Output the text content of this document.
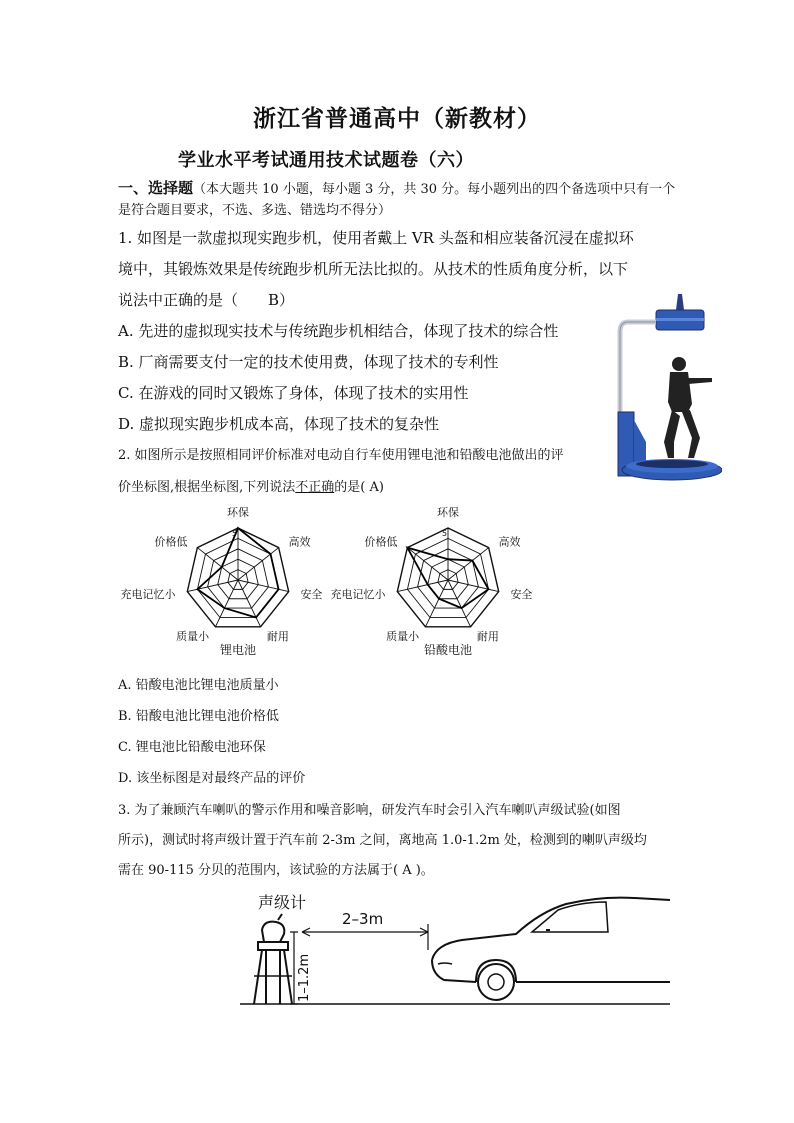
浙江省普通高中（新教材）
学业水平考试通用技术试题卷（六）
一、选择题（本大题共 10 小题，每小题 3 分，共 30 分。每小题列出的四个备选项中只有一个是符合题目要求，不选、多选、错选均不得分）
1. 如图是一款虚拟现实跑步机，使用者戴上 VR 头盔和相应装备沉浸在虚拟环
境中，其锻炼效果是传统跑步机所无法比拟的。从技术的性质角度分析，以下
说法中正确的是（ B）
A. 先进的虚拟现实技术与传统跑步机相结合，体现了技术的综合性
B. 厂商需要支付一定的技术使用费，体现了技术的专利性
C. 在游戏的同时又锻炼了身体，体现了技术的实用性
D. 虚拟现实跑步机成本高，体现了技术的复杂性
2. 如图所示是按照相同评价标准对电动自行车使用锂电池和铅酸电池做出的评
价坐标图,根据坐标图,下列说法不正确的是( A)
环保
高效
安全
耐用
质量小
充电记忆小
价格低
5
锂电池
环保
高效
安全
耐用
质量小
充电记忆小
价格低
5
铅酸电池
A. 铅酸电池比锂电池质量小
B. 铅酸电池比锂电池价格低
C. 锂电池比铅酸电池环保
D. 该坐标图是对最终产品的评价
3. 为了兼顾汽车喇叭的警示作用和噪音影响，研发汽车时会引入汽车喇叭声级试验(如图
所示)，测试时将声级计置于汽车前 2-3m 之间，离地高 1.0-1.2m 处，检测到的喇叭声级均
需在 90-115 分贝的范围内，该试验的方法属于( A )。
声级计
1–1.2m
2–3m
